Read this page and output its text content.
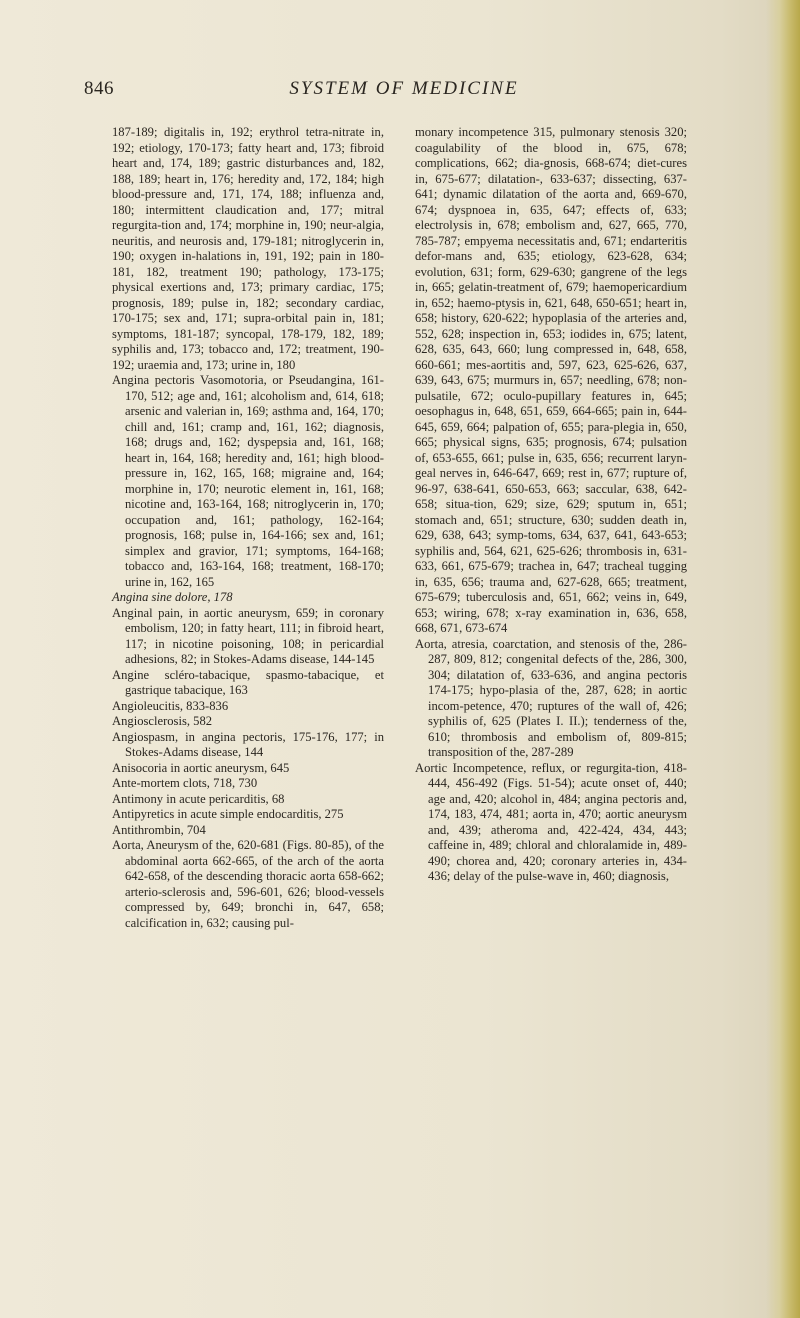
846	SYSTEM OF MEDICINE

187-189; digitalis in, 192; erythrol tetra-nitrate in, 192; etiology, 170-173; fatty heart and, 173; fibroid heart and, 174, 189; gastric disturbances and, 182, 188, 189; heart in, 176; heredity and, 172, 184; high blood-pressure and, 171, 174, 188; influenza and, 180; intermittent claudication and, 177; mitral regurgita-tion and, 174; morphine in, 190; neur-algia, neuritis, and neurosis and, 179-181; nitroglycerin in, 190; oxygen in-halations in, 191, 192; pain in 180-181, 182, treatment 190; pathology, 173-175; physical exertions and, 173; primary cardiac, 175; prognosis, 189; pulse in, 182; secondary cardiac, 170-175; sex and, 171; supra-orbital pain in, 181; symptoms, 181-187; syncopal, 178-179, 182, 189; syphilis and, 173; tobacco and, 172; treatment, 190-192; uraemia and, 173; urine in, 180

Angina pectoris Vasomotoria, or Pseudangina, 161-170, 512; age and, 161; alcoholism and, 614, 618; arsenic and valerian in, 169; asthma and, 164, 170; chill and, 161; cramp and, 161, 162; diagnosis, 168; drugs and, 162; dyspepsia and, 161, 168; heart in, 164, 168; heredity and, 161; high blood-pressure in, 162, 165, 168; migraine and, 164; morphine in, 170; neurotic element in, 161, 168; nicotine and, 163-164, 168; nitroglycerin in, 170; occupation and, 161; pathology, 162-164; prognosis, 168; pulse in, 164-166; sex and, 161; simplex and gravior, 171; symptoms, 164-168; tobacco and, 163-164, 168; treatment, 168-170; urine in, 162, 165

Angina sine dolore, 178

Anginal pain, in aortic aneurysm, 659; in coronary embolism, 120; in fatty heart, 111; in fibroid heart, 117; in nicotine poisoning, 108; in pericardial adhesions, 82; in Stokes-Adams disease, 144-145

Angine scléro-tabacique, spasmo-tabacique, et gastrique tabacique, 163

Angioleucitis, 833-836

Angiosclerosis, 582

Angiospasm, in angina pectoris, 175-176, 177; in Stokes-Adams disease, 144

Anisocoria in aortic aneurysm, 645

Ante-mortem clots, 718, 730

Antimony in acute pericarditis, 68

Antipyretics in acute simple endocarditis, 275

Antithrombin, 704

Aorta, Aneurysm of the, 620-681 (Figs. 80-85), of the abdominal aorta 662-665, of the arch of the aorta 642-658, of the descending thoracic aorta 658-662; arterio-sclerosis and, 596-601, 626; blood-vessels compressed by, 649; bronchi in, 647, 658; calcification in, 632; causing pul-

monary incompetence 315, pulmonary stenosis 320; coagulability of the blood in, 675, 678; complications, 662; dia-gnosis, 668-674; diet-cures in, 675-677; dilatation-, 633-637; dissecting, 637-641; dynamic dilatation of the aorta and, 669-670, 674; dyspnoea in, 635, 647; effects of, 633; electrolysis in, 678; embolism and, 627, 665, 770, 785-787; empyema necessitatis and, 671; endarteritis defor-mans and, 635; etiology, 623-628, 634; evolution, 631; form, 629-630; gangrene of the legs in, 665; gelatin-treatment of, 679; haemopericardium in, 652; haemo-ptysis in, 621, 648, 650-651; heart in, 658; history, 620-622; hypoplasia of the arteries and, 552, 628; inspection in, 653; iodides in, 675; latent, 628, 635, 643, 660; lung compressed in, 648, 658, 660-661; mes-aortitis and, 597, 623, 625-626, 637, 639, 643, 675; murmurs in, 657; needling, 678; non-pulsatile, 672; oculo-pupillary features in, 645; oesophagus in, 648, 651, 659, 664-665; pain in, 644-645, 659, 664; palpation of, 655; para-plegia in, 650, 665; physical signs, 635; prognosis, 674; pulsation of, 653-655, 661; pulse in, 635, 656; recurrent laryn-geal nerves in, 646-647, 669; rest in, 677; rupture of, 96-97, 638-641, 650-653, 663; saccular, 638, 642-658; situa-tion, 629; size, 629; sputum in, 651; stomach and, 651; structure, 630; sudden death in, 629, 638, 643; symp-toms, 634, 637, 641, 643-653; syphilis and, 564, 621, 625-626; thrombosis in, 631-633, 661, 675-679; trachea in, 647; tracheal tugging in, 635, 656; trauma and, 627-628, 665; treatment, 675-679; tuberculosis and, 651, 662; veins in, 649, 653; wiring, 678; x-ray examination in, 636, 658, 668, 671, 673-674

Aorta, atresia, coarctation, and stenosis of the, 286-287, 809, 812; congenital defects of the, 286, 300, 304; dilatation of, 633-636, and angina pectoris 174-175; hypo-plasia of the, 287, 628; in aortic incom-petence, 470; ruptures of the wall of, 426; syphilis of, 625 (Plates I. II.); tenderness of the, 610; thrombosis and embolism of, 809-815; transposition of the, 287-289

Aortic Incompetence, reflux, or regurgita-tion, 418-444, 456-492 (Figs. 51-54); acute onset of, 440; age and, 420; alcohol in, 484; angina pectoris and, 174, 183, 474, 481; aorta in, 470; aortic aneurysm and, 439; atheroma and, 422-424, 434, 443; caffeine in, 489; chloral and chloralamide in, 489-490; chorea and, 420; coronary arteries in, 434-436; delay of the pulse-wave in, 460; diagnosis,
